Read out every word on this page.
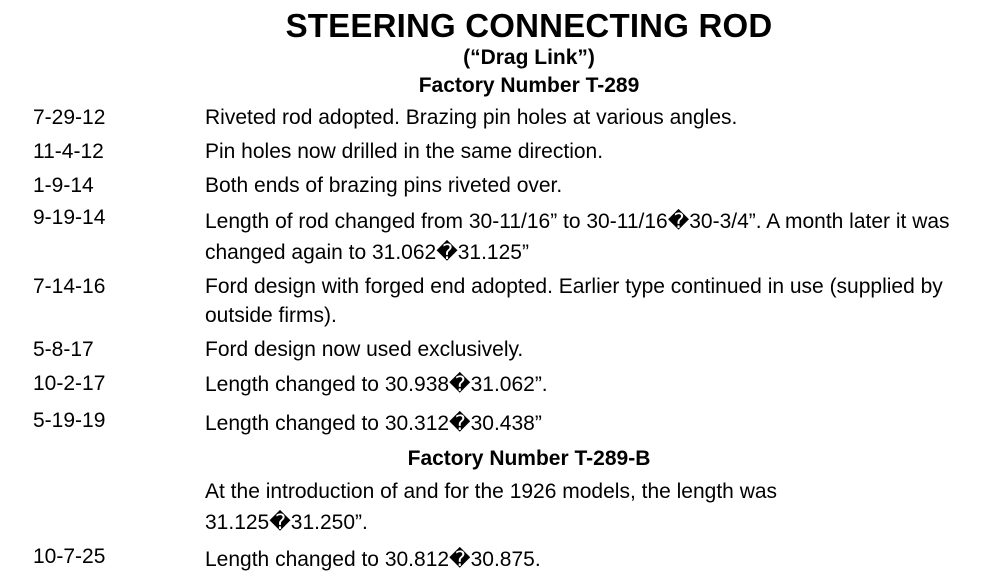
STEERING CONNECTING ROD
(“Drag Link”)
Factory Number T-289
7-29-12	Riveted rod adopted. Brazing pin holes at various angles.
11-4-12	Pin holes now drilled in the same direction.
1-9-14	Both ends of brazing pins riveted over.
9-19-14	Length of rod changed from 30-11/16” to 30-11/16�30-3/4”. A month later it was changed again to 31.062�31.125”
7-14-16	Ford design with forged end adopted. Earlier type continued in use (supplied by outside firms).
5-8-17	Ford design now used exclusively.
10-2-17	Length changed to 30.938�31.062”.
5-19-19	Length changed to 30.312�30.438”
Factory Number T-289-B
At the introduction of and for the 1926 models, the length was 31.125�31.250”.
10-7-25	Length changed to 30.812�30.875.
